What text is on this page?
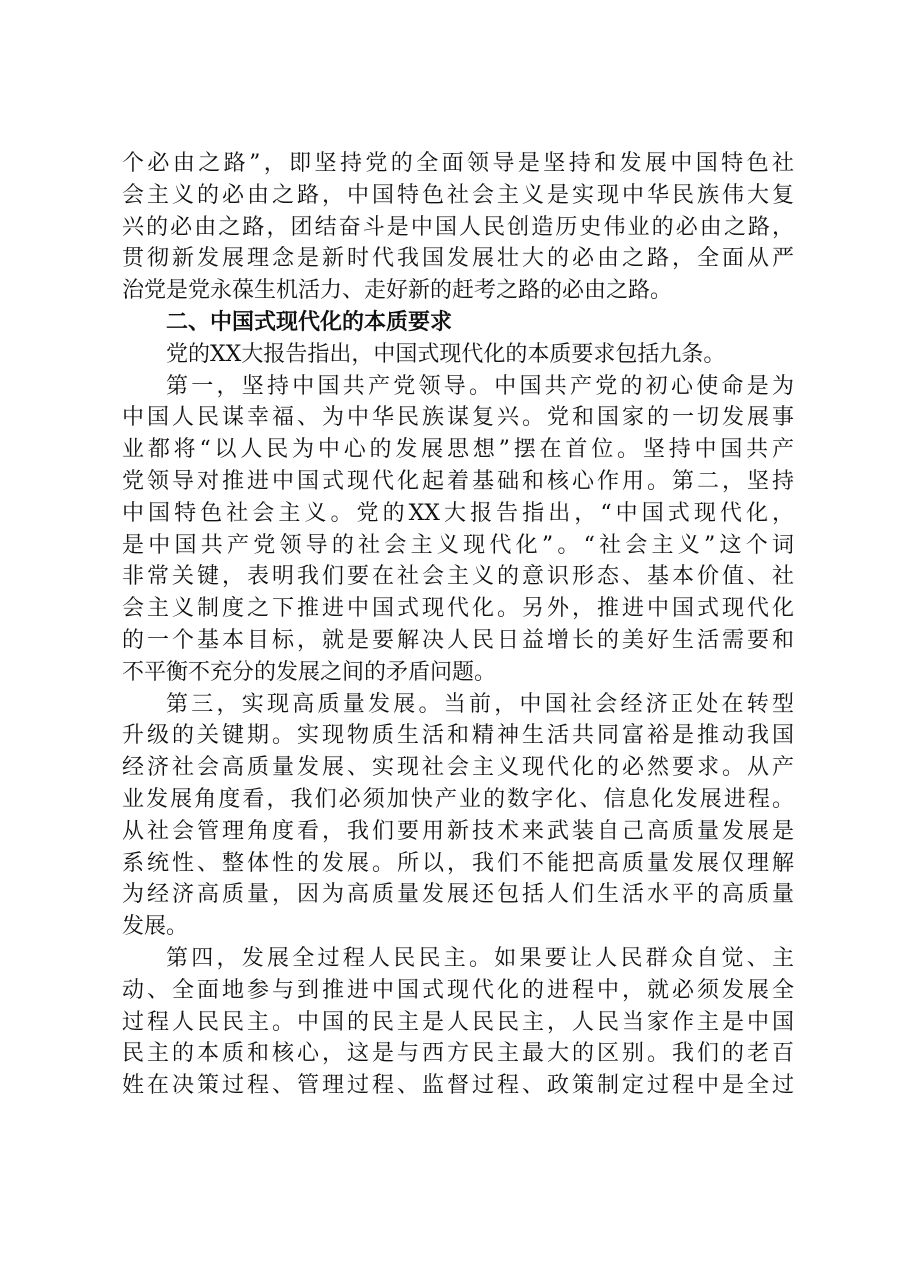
个必由之路”，即坚持党的全面领导是坚持和发展中国特色社
会主义的必由之路，中国特色社会主义是实现中华民族伟大复
兴的必由之路，团结奋斗是中国人民创造历史伟业的必由之路，
贯彻新发展理念是新时代我国发展壮大的必由之路，全面从严
治党是党永葆生机活力、走好新的赶考之路的必由之路。
二、中国式现代化的本质要求
党的XX大报告指出，中国式现代化的本质要求包括九条。
第一，坚持中国共产党领导。中国共产党的初心使命是为
中国人民谋幸福、为中华民族谋复兴。党和国家的一切发展事
业都将“以人民为中心的发展思想”摆在首位。坚持中国共产
党领导对推进中国式现代化起着基础和核心作用。第二，坚持
中国特色社会主义。党的XX大报告指出，“中国式现代化，
是中国共产党领导的社会主义现代化”。“社会主义”这个词
非常关键，表明我们要在社会主义的意识形态、基本价值、社
会主义制度之下推进中国式现代化。另外，推进中国式现代化
的一个基本目标，就是要解决人民日益增长的美好生活需要和
不平衡不充分的发展之间的矛盾问题。
第三，实现高质量发展。当前，中国社会经济正处在转型
升级的关键期。实现物质生活和精神生活共同富裕是推动我国
经济社会高质量发展、实现社会主义现代化的必然要求。从产
业发展角度看，我们必须加快产业的数字化、信息化发展进程。
从社会管理角度看，我们要用新技术来武装自己高质量发展是
系统性、整体性的发展。所以，我们不能把高质量发展仅理解
为经济高质量，因为高质量发展还包括人们生活水平的高质量
发展。
第四，发展全过程人民民主。如果要让人民群众自觉、主
动、全面地参与到推进中国式现代化的进程中，就必须发展全
过程人民民主。中国的民主是人民民主，人民当家作主是中国
民主的本质和核心，这是与西方民主最大的区别。我们的老百
姓在决策过程、管理过程、监督过程、政策制定过程中是全过
